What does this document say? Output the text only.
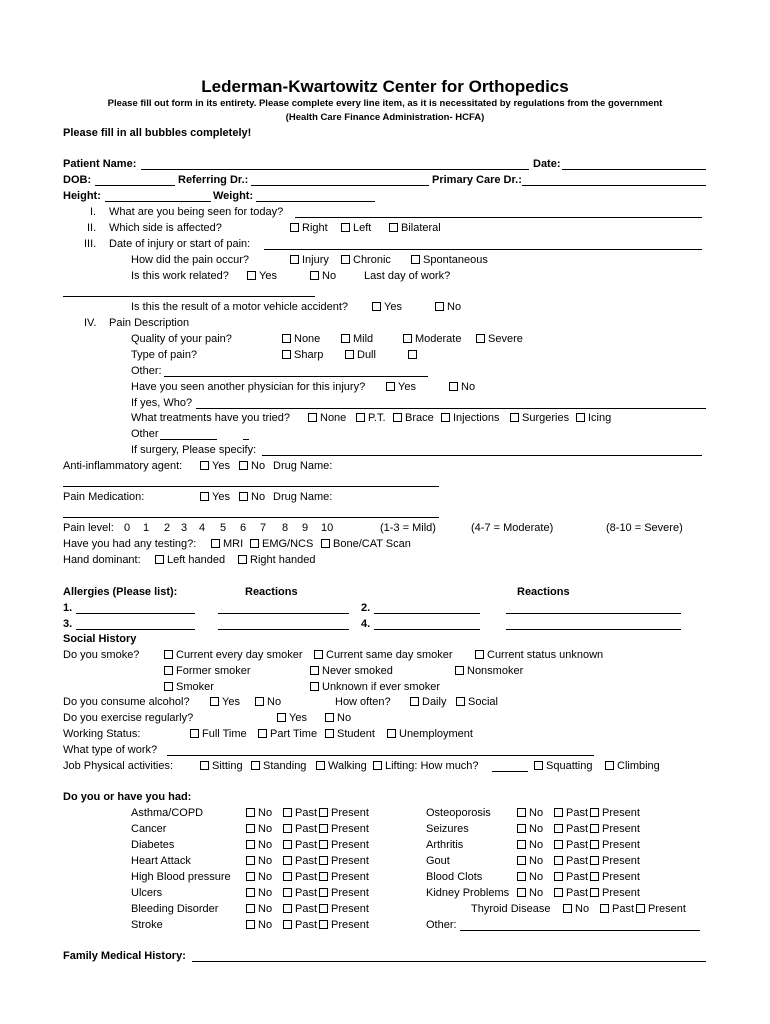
Lederman-Kwartowitz Center for Orthopedics
Please fill out form in its entirety. Please complete every line item, as it is necessitated by regulations from the government
(Health Care Finance Administration- HCFA)
Please fill in all bubbles completely!
Patient Name:	Date:
DOB:	Referring Dr.:	Primary Care Dr.:
Height:	Weight:
I. What are you being seen for today?
II. Which side is affected?	Right	Left	Bilateral
III. Date of injury or start of pain:
How did the pain occur?	Injury	Chronic	Spontaneous
Is this work related?	Yes	No	Last day of work?
Is this the result of a motor vehicle accident?	Yes	No
IV. Pain Description
Quality of your pain?	None	Mild	Moderate	Severe
Type of pain?	Sharp	Dull
Other:
Have you seen another physician for this injury?	Yes	No
If yes, Who?
What treatments have you tried?	None	P.T.	Brace	Injections	Surgeries	Icing
Other
If surgery, Please specify:
Anti-inflammatory agent:	Yes	No Drug Name:
Pain Medication:	Yes	No Drug Name:
Pain level: 0 1 2 3 4 5 6 7 8 9 10	(1-3 = Mild)	(4-7 = Moderate)	(8-10 = Severe)
Have you had any testing?:	MRI	EMG/NCS	Bone/CAT Scan
Hand dominant:	Left handed	Right handed
Allergies (Please list):	Reactions	Reactions
1.	2.
3.	4.
Social History
Do you smoke?	Current every day smoker	Current same day smoker	Current status unknown
Former smoker	Never smoked	Nonsmoker
Smoker	Unknown if ever smoker
Do you consume alcohol?	Yes	No	How often?	Daily	Social
Do you exercise regularly?	Yes	No
Working Status:	Full Time	Part Time	Student	Unemployment
What type of work?
Job Physical activities:	Sitting	Standing	Walking	Lifting: How much?	Squatting	Climbing
Do you or have you had:
Asthma/COPD	No	Past	Present
Cancer	No	Past	Present
Diabetes	No	Past	Present
Heart Attack	No	Past	Present
High Blood pressure	No	Past	Present
Ulcers	No	Past	Present
Bleeding Disorder	No	Past	Present
Stroke	No	Past	Present
Osteoporosis	No	Past	Present
Seizures	No	Past	Present
Arthritis	No	Past	Present
Gout	No	Past	Present
Blood Clots	No	Past	Present
Kidney Problems	No	Past	Present
Thyroid Disease	No	Past	Present
Other:
Family Medical History:
